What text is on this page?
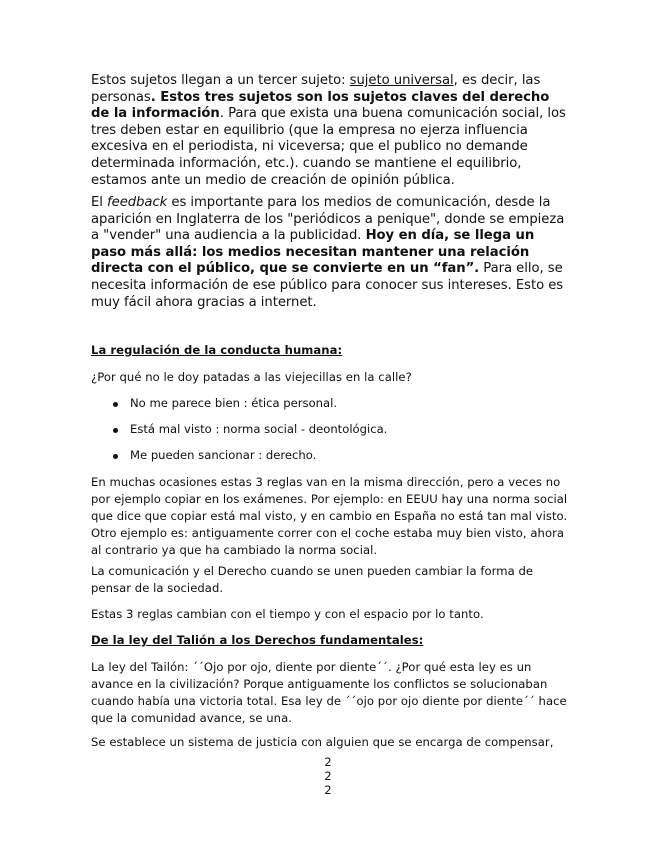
Estos sujetos llegan a un tercer sujeto: sujeto universal, es decir, las personas. Estos tres sujetos son los sujetos claves del derecho de la información. Para que exista una buena comunicación social, los tres deben estar en equilibrio (que la empresa no ejerza influencia excesiva en el periodista, ni viceversa; que el publico no demande determinada información, etc.). cuando se mantiene el equilibrio, estamos ante un medio de creación de opinión pública.

El feedback es importante para los medios de comunicación, desde la aparición en Inglaterra de los "periódicos a penique", donde se empieza a "vender" una audiencia a la publicidad. Hoy en día, se llega un paso más allá: los medios necesitan mantener una relación directa con el público, que se convierte en un “fan”. Para ello, se necesita información de ese público para conocer sus intereses. Esto es muy fácil ahora gracias a internet.

La regulación de la conducta humana:

¿Por qué no le doy patadas a las viejecillas en la calle?

No me parece bien : ética personal.
Está mal visto : norma social - deontológica.
Me pueden sancionar : derecho.

En muchas ocasiones estas 3 reglas van en la misma dirección, pero a veces no por ejemplo copiar en los exámenes. Por ejemplo: en EEUU hay una norma social que dice que copiar está mal visto, y en cambio en España no está tan mal visto. Otro ejemplo es: antiguamente correr con el coche estaba muy bien visto, ahora al contrario ya que ha cambiado la norma social.

La comunicación y el Derecho cuando se unen pueden cambiar la forma de pensar de la sociedad.

Estas 3 reglas cambian con el tiempo y con el espacio por lo tanto.

De la ley del Talión a los Derechos fundamentales:

La ley del Tailón: ´´Ojo por ojo, diente por diente´´. ¿Por qué esta ley es un avance en la civilización? Porque antiguamente los conflictos se solucionaban cuando había una victoria total. Esa ley de ´´ojo por ojo diente por diente´´ hace que la comunidad avance, se una.

Se establece un sistema de justicia con alguien que se encarga de compensar,

2

2

2
